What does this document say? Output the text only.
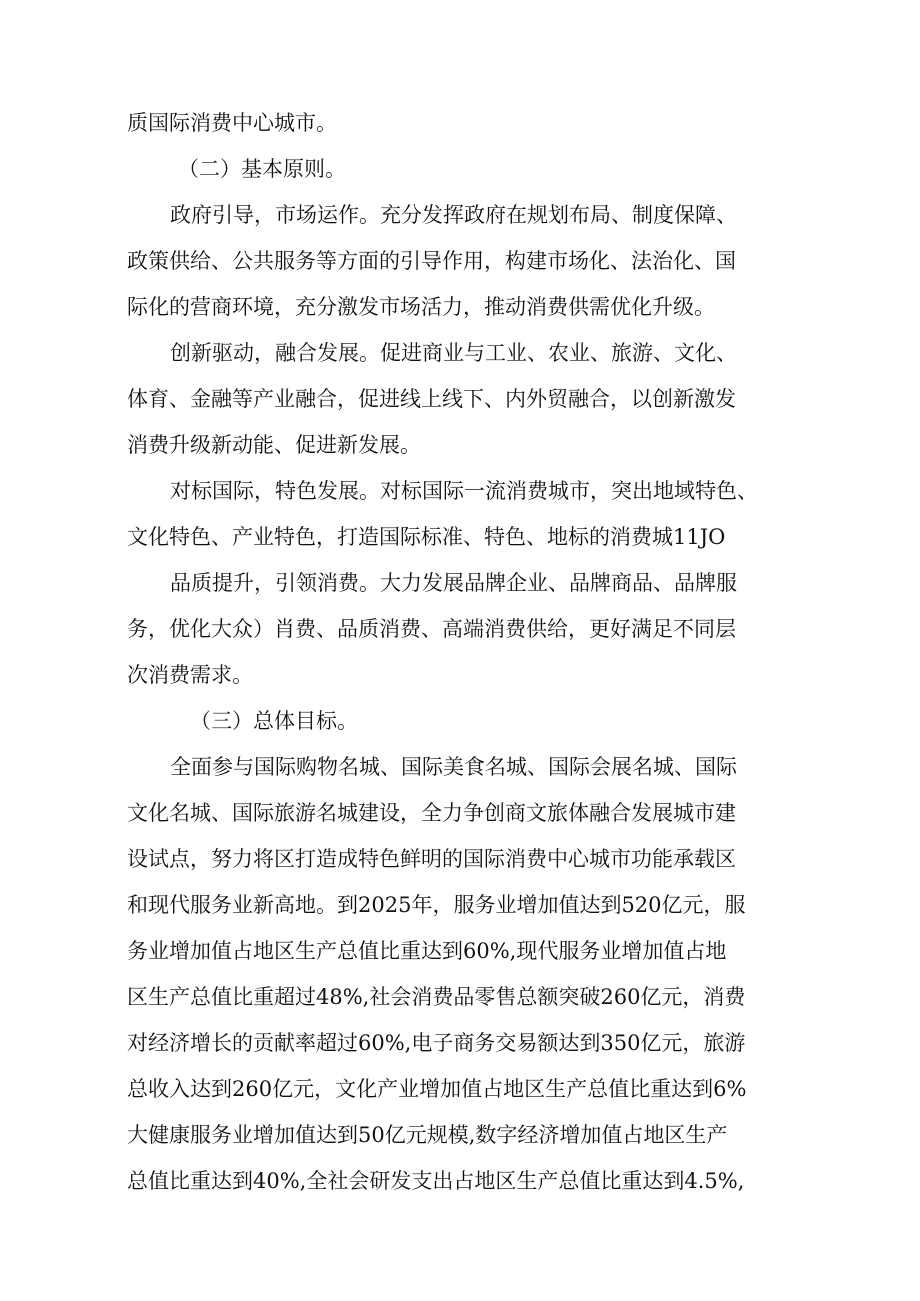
质国际消费中心城市。
（二）基本原则。
政府引导，市场运作。充分发挥政府在规划布局、制度保障、
政策供给、公共服务等方面的引导作用，构建市场化、法治化、国
际化的营商环境，充分激发市场活力，推动消费供需优化升级。
创新驱动，融合发展。促进商业与工业、农业、旅游、文化、
体育、金融等产业融合，促进线上线下、内外贸融合，以创新激发
消费升级新动能、促进新发展。
对标国际，特色发展。对标国际一流消费城市，突出地域特色、
文化特色、产业特色，打造国际标准、特色、地标的消费城11JO
品质提升，引领消费。大力发展品牌企业、品牌商品、品牌服
务，优化大众）肖费、品质消费、高端消费供给，更好满足不同层
次消费需求。
（三）总体目标。
全面参与国际购物名城、国际美食名城、国际会展名城、国际
文化名城、国际旅游名城建设，全力争创商文旅体融合发展城市建
设试点，努力将区打造成特色鲜明的国际消费中心城市功能承载区
和现代服务业新高地。到2025年，服务业增加值达到520亿元，服
务业增加值占地区生产总值比重达到60%,现代服务业增加值占地
区生产总值比重超过48%,社会消费品零售总额突破260亿元，消费
对经济增长的贡献率超过60%,电子商务交易额达到350亿元，旅游
总收入达到260亿元，文化产业增加值占地区生产总值比重达到6%
大健康服务业增加值达到50亿元规模,数字经济增加值占地区生产
总值比重达到40%,全社会研发支出占地区生产总值比重达到4.5%,
